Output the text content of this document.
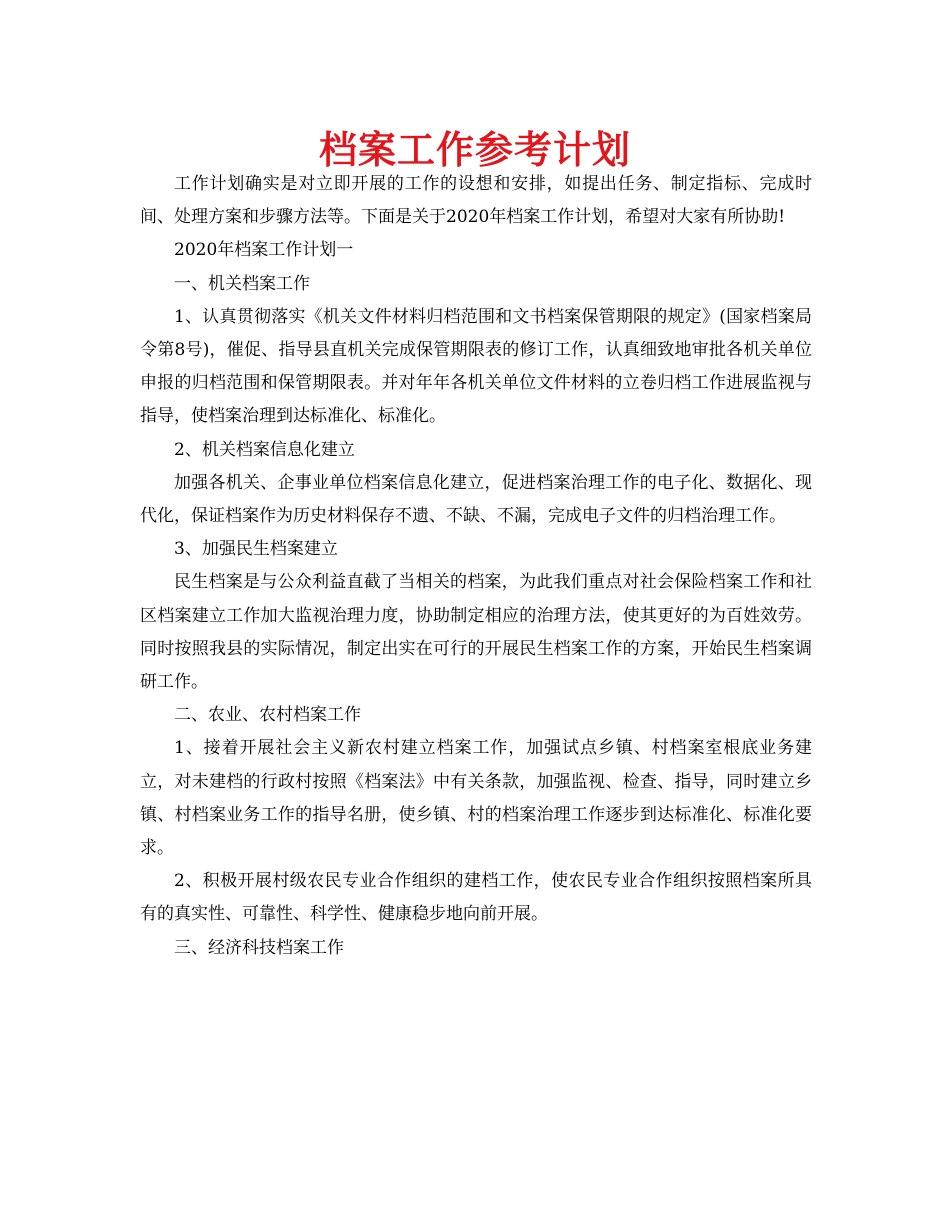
档案工作参考计划

工作计划确实是对立即开展的工作的设想和安排，如提出任务、制定指标、完成时间、处理方案和步骤方法等。下面是关于2020年档案工作计划，希望对大家有所协助!

2020年档案工作计划一

一、机关档案工作

1、认真贯彻落实《机关文件材料归档范围和文书档案保管期限的规定》(国家档案局令第8号)，催促、指导县直机关完成保管期限表的修订工作，认真细致地审批各机关单位申报的归档范围和保管期限表。并对年年各机关单位文件材料的立卷归档工作进展监视与指导，使档案治理到达标准化、标准化。

2、机关档案信息化建立

加强各机关、企事业单位档案信息化建立，促进档案治理工作的电子化、数据化、现代化，保证档案作为历史材料保存不遗、不缺、不漏，完成电子文件的归档治理工作。

3、加强民生档案建立

民生档案是与公众利益直截了当相关的档案，为此我们重点对社会保险档案工作和社区档案建立工作加大监视治理力度，协助制定相应的治理方法，使其更好的为百姓效劳。同时按照我县的实际情况，制定出实在可行的开展民生档案工作的方案，开始民生档案调研工作。

二、农业、农村档案工作

1、接着开展社会主义新农村建立档案工作，加强试点乡镇、村档案室根底业务建立，对未建档的行政村按照《档案法》中有关条款，加强监视、检查、指导，同时建立乡镇、村档案业务工作的指导名册，使乡镇、村的档案治理工作逐步到达标准化、标准化要求。

2、积极开展村级农民专业合作组织的建档工作，使农民专业合作组织按照档案所具有的真实性、可靠性、科学性、健康稳步地向前开展。

三、经济科技档案工作
